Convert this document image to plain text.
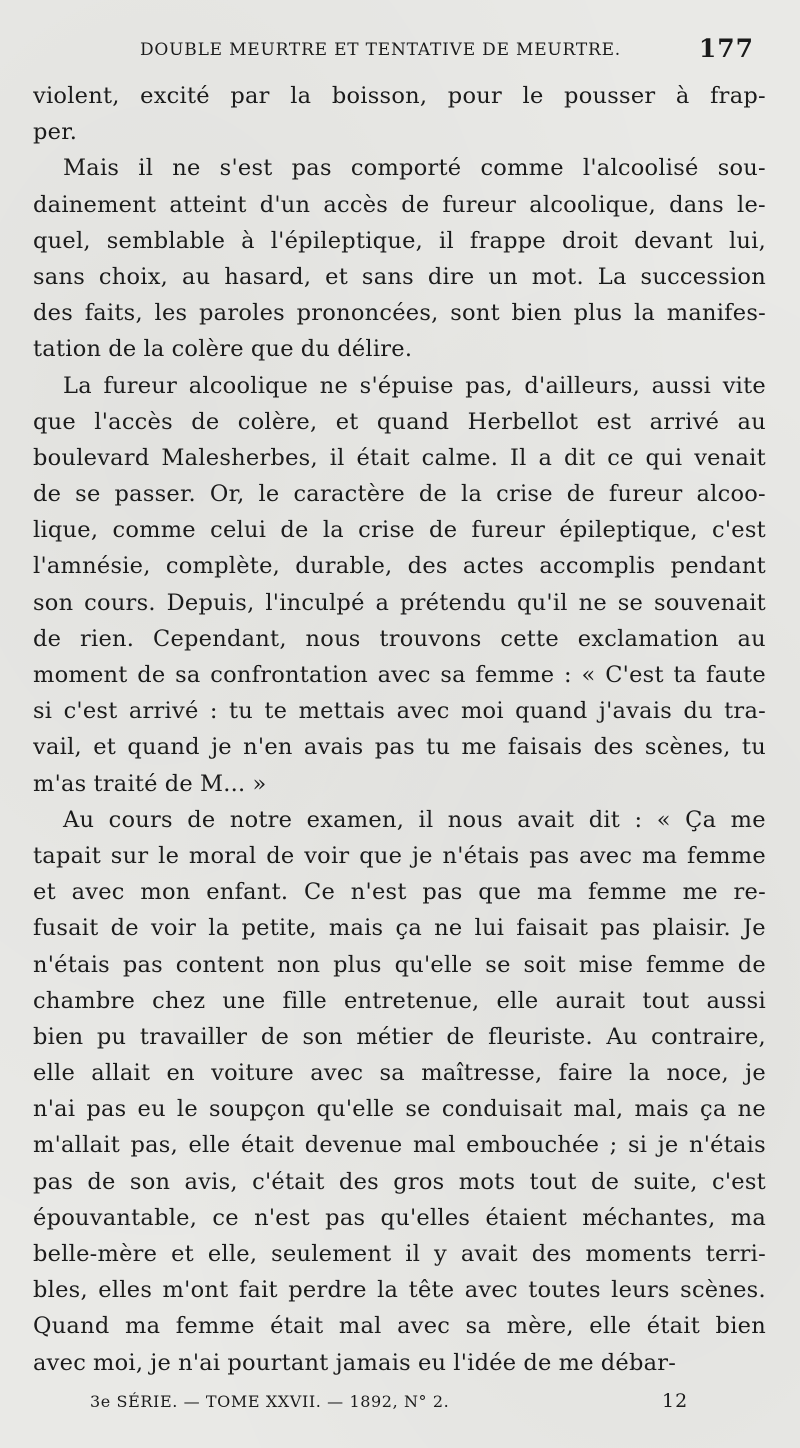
DOUBLE MEURTRE ET TENTATIVE DE MEURTRE.	177
violent, excité par la boisson, pour le pousser à frap-
per.
Mais il ne s'est pas comporté comme l'alcoolisé sou-
dainement atteint d'un accès de fureur alcoolique, dans le-
quel, semblable à l'épileptique, il frappe droit devant lui,
sans choix, au hasard, et sans dire un mot. La succession
des faits, les paroles prononcées, sont bien plus la manifes-
tation de la colère que du délire.
La fureur alcoolique ne s'épuise pas, d'ailleurs, aussi vite
que l'accès de colère, et quand Herbellot est arrivé au
boulevard Malesherbes, il était calme. Il a dit ce qui venait
de se passer. Or, le caractère de la crise de fureur alcoo-
lique, comme celui de la crise de fureur épileptique, c'est
l'amnésie, complète, durable, des actes accomplis pendant
son cours. Depuis, l'inculpé a prétendu qu'il ne se souvenait
de rien. Cependant, nous trouvons cette exclamation au
moment de sa confrontation avec sa femme : « C'est ta faute
si c'est arrivé : tu te mettais avec moi quand j'avais du tra-
vail, et quand je n'en avais pas tu me faisais des scènes, tu
m'as traité de M... »
Au cours de notre examen, il nous avait dit : « Ça me
tapait sur le moral de voir que je n'étais pas avec ma femme
et avec mon enfant. Ce n'est pas que ma femme me re-
fusait de voir la petite, mais ça ne lui faisait pas plaisir. Je
n'étais pas content non plus qu'elle se soit mise femme de
chambre chez une fille entretenue, elle aurait tout aussi
bien pu travailler de son métier de fleuriste. Au contraire,
elle allait en voiture avec sa maîtresse, faire la noce, je
n'ai pas eu le soupçon qu'elle se conduisait mal, mais ça ne
m'allait pas, elle était devenue mal embouchée ; si je n'étais
pas de son avis, c'était des gros mots tout de suite, c'est
épouvantable, ce n'est pas qu'elles étaient méchantes, ma
belle-mère et elle, seulement il y avait des moments terri-
bles, elles m'ont fait perdre la tête avec toutes leurs scènes.
Quand ma femme était mal avec sa mère, elle était bien
avec moi, je n'ai pourtant jamais eu l'idée de me débar-
3e SÉRIE. — TOME XXVII. — 1892, N° 2.	12
